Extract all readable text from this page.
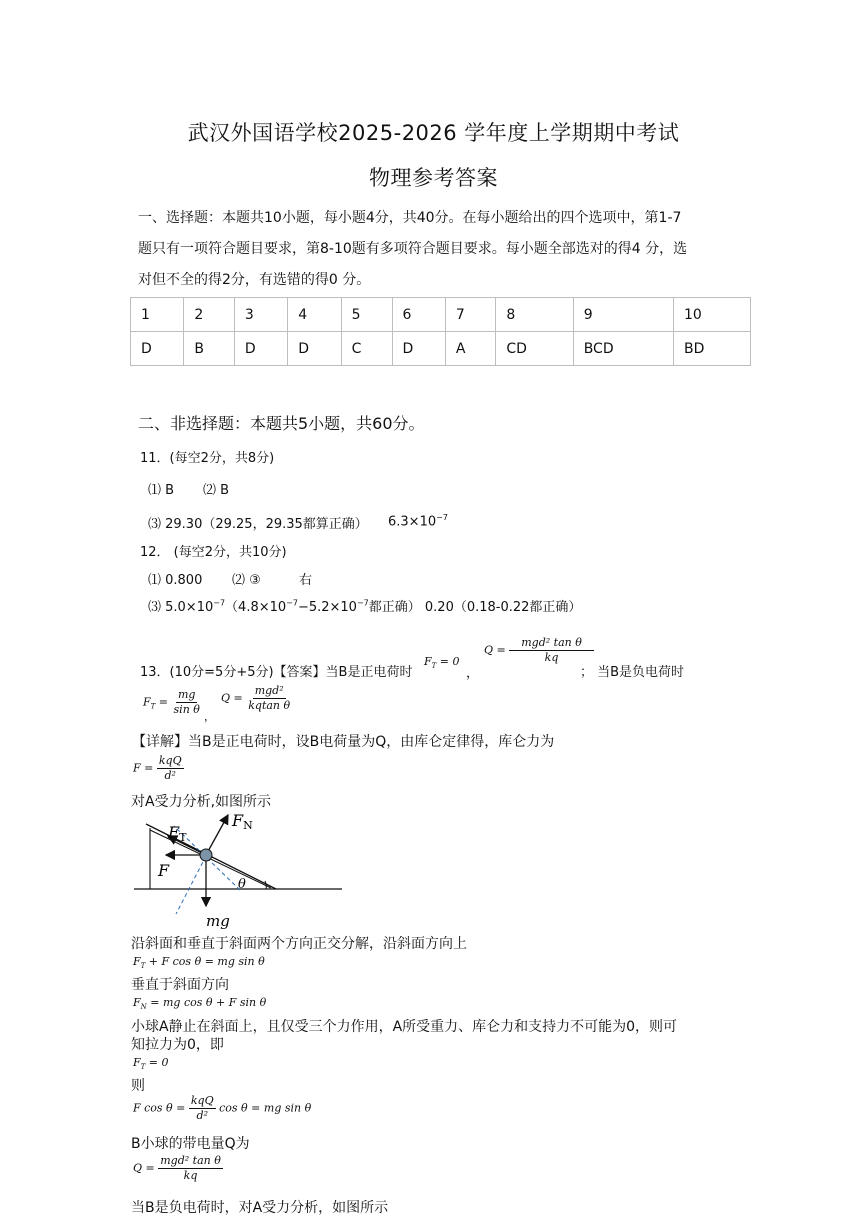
武汉外国语学校2025-2026 学年度上学期期中考试
物理参考答案
一、选择题：本题共10小题，每小题4分，共40分。在每小题给出的四个选项中，第1-7
题只有一项符合题目要求，第8-10题有多项符合题目要求。每小题全部选对的得4 分，选
对但不全的得2分，有选错的得0 分。
1	2	3	4	5	6	7	8	9	10
D	B	D	D	C	D	A	CD	BCD	BD
二、非选择题：本题共5小题，共60分。
11．(每空2分，共8分)
⑴ B ⑵ B
⑶ 29.30（29.25，29.35都算正确） $6.3\times 10^{-7}$
12． (每空2分，共10分)
⑴ 0.800 ⑵ ③	右
⑶ $5.0\times 10^{-7}(4.8\times 10^{-7}-5.2\times 10^{-7}$都正确） 0.20（0.18-0.22都正确）
13．(10分=5分+5分)【答案】当B是正电荷时
$F_T = 0$
，
$Q = \frac{\text{mgd² tan θ}}{kq}$
； 当B是负电荷时
$F_T = \frac{mg}{\text{sin θ}}$ ，
$Q = \frac{\text{mgd²}}{\text{kqtan θ}}$
【详解】当B是正电荷时，设B电荷量为Q，由库仑定律得，库仑力为
$F = \frac{\text{kqQ}}{\text{d²}}$
对A受力分析,如图所示
FT
FN
F
θ
mg
沿斜面和垂直于斜面两个方向正交分解，沿斜面方向上
$F_T + F$ cos θ = mg sin θ
垂直于斜面方向
$F_N$ = mg cos θ + F sin θ
小球A静止在斜面上，且仅受三个力作用，A所受重力、库仑力和支持力不可能为0，则可
知拉力为0，即
$F_T = 0$
则
F $\cos \theta = \frac{\text{kqQ}}{\text{d²}}$ cos θ = mg sin θ
B小球的带电量Q为
$Q = \frac{\text{mgd² tan θ}}{kq}$
当B是负电荷时，对A受力分析，如图所示
